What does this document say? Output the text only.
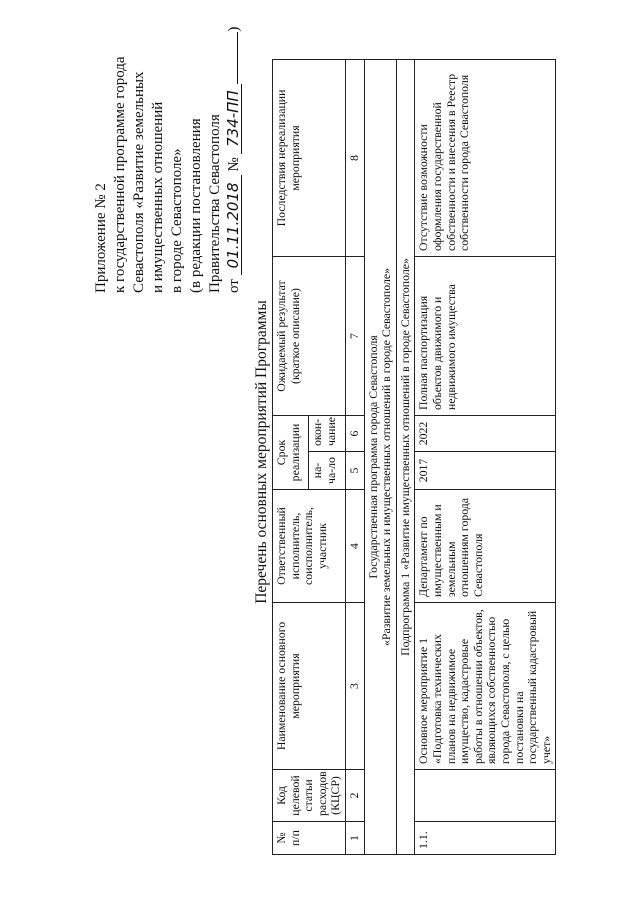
Приложение № 2 к государственной программе города Севастополя «Развитие земельных и имущественных отношений в городе Севастополе» (в редакции постановления Правительства Севастополя от 01.11.2018 № 734-ПП)
Перечень основных мероприятий Программы
№ п/п	Код целевой статьи расходов (КЦСР)	Наименование основного мероприятия	Ответственный исполнитель, соисполнитель, участник	Срок реализации		Ожидаемый результат (краткое описание)	Последствия нереализации мероприятия
				на-ча-ло	окон-чание		
1	2	3	4	5	6	7	8

Государственная программа города Севастополя «Развитие земельных и имущественных отношений в городе Севастополе»							

Подпрограмма 1 «Развитие имущественных отношений в городе Севастополе»							
1.1.		Основное мероприятие 1 «Подготовка технических планов на недвижимое имущество, кадастровые работы в отношении объектов, являющихся собственностью города Севастополя, с целью постановки на государственный кадастровый учет»	Департамент по имущественным и земельным отношениям города Севастополя	2017	2022	Полная паспортизация объектов движимого и недвижимого имущества	Отсутствие возможности оформления государственной собственности и внесения в Реестр собственности города Севастополя
